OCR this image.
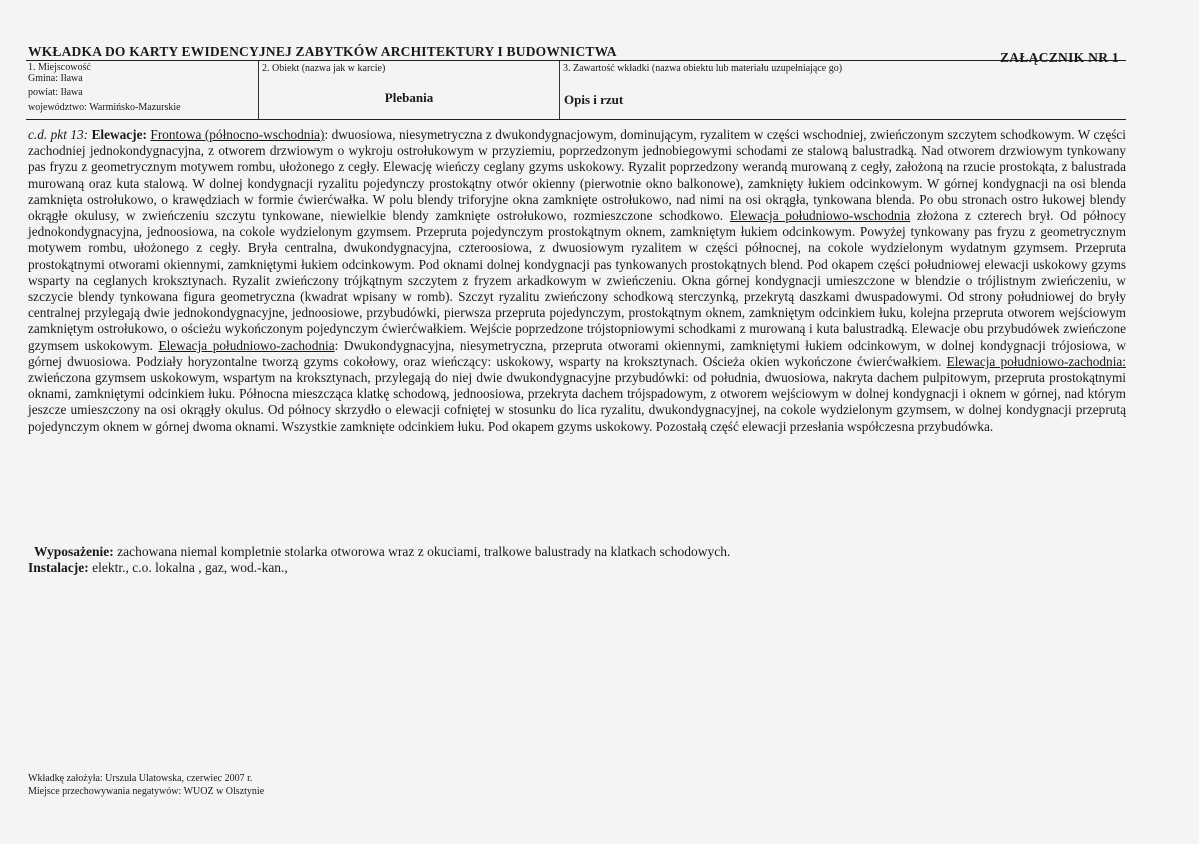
WKŁADKA DO KARTY EWIDENCYJNEJ ZABYTKÓW ARCHITEKTURY I BUDOWNICTWA	ZAŁĄCZNIK NR 1
1. Miejscowość
Gmina: Iława
powiat: Iława
województwo: Warmińsko-Mazurskie
2. Obiekt (nazwa jak w karcie)
Plebania
3. Zawartość wkładki (nazwa obiektu lub materiału uzupełniające go)
Opis i rzut

c.d. pkt 13: Elewacje: Frontowa (północno-wschodnia): dwuosiowa, niesymetryczna z dwukondygnacjowym, dominującym, ryzalitem w części wschodniej, zwieńczonym szczytem schodkowym. W części zachodniej jednokondygnacyjna, z otworem drzwiowym o wykroju ostrołukowym w przyziemiu, poprzedzonym jednobiegowymi schodami ze stalową balustradką. Nad otworem drzwiowym tynkowany pas fryzu z geometrycznym motywem rombu, ułożonego z cegły. Elewację wieńczy ceglany gzyms uskokowy. Ryzalit poprzedzony werandą murowaną z cegły, założoną na rzucie prostokąta, z balustrada murowaną oraz kuta stalową. W dolnej kondygnacji ryzalitu pojedynczy prostokątny otwór okienny (pierwotnie okno balkonowe), zamknięty łukiem odcinkowym. W górnej kondygnacji na osi blenda zamknięta ostrołukowo, o krawędziach w formie ćwierćwałka. W polu blendy triforyjne okna zamknięte ostrołukowo, nad nimi na osi okrągła, tynkowana blenda. Po obu stronach ostro łukowej blendy okrągłe okulusy, w zwieńczeniu szczytu tynkowane, niewielkie blendy zamknięte ostrołukowo, rozmieszczone schodkowo. Elewacja południowo-wschodnia złożona z czterech brył. Od północy jednokondygnacyjna, jednoosiowa, na cokole wydzielonym gzymsem. Przepruta pojedynczym prostokątnym oknem, zamkniętym łukiem odcinkowym. Powyżej tynkowany pas fryzu z geometrycznym motywem rombu, ułożonego z cegły. Bryła centralna, dwukondygnacyjna, czteroosiowa, z dwuosiowym ryzalitem w części północnej, na cokole wydzielonym wydatnym gzymsem. Przepruta prostokątnymi otworami okiennymi, zamkniętymi łukiem odcinkowym. Pod oknami dolnej kondygnacji pas tynkowanych prostokątnych blend. Pod okapem części południowej elewacji uskokowy gzyms wsparty na ceglanych kroksztynach. Ryzalit zwieńczony trójkątnym szczytem z fryzem arkadkowym w zwieńczeniu. Okna górnej kondygnacji umieszczone w blendzie o trójlistnym zwieńczeniu, w szczycie blendy tynkowana figura geometryczna (kwadrat wpisany w romb). Szczyt ryzalitu zwieńczony schodkową sterczynką, przekrytą daszkami dwuspadowymi. Od strony południowej do bryły centralnej przylegają dwie jednokondygnacyjne, jednoosiowe, przybudówki, pierwsza przepruta pojedynczym, prostokątnym oknem, zamkniętym odcinkiem łuku, kolejna przepruta otworem wejściowym zamkniętym ostrołukowo, o ościeżu wykończonym pojedynczym ćwierćwałkiem. Wejście poprzedzone trójstopniowymi schodkami z murowaną i kuta balustradką. Elewacje obu przybudówek zwieńczone gzymsem uskokowym. Elewacja południowo-zachodnia: Dwukondygnacyjna, niesymetryczna, przepruta otworami okiennymi, zamkniętymi łukiem odcinkowym, w dolnej kondygnacji trójosiowa, w górnej dwuosiowa. Podziały horyzontalne tworzą gzyms cokołowy, oraz wieńczący: uskokowy, wsparty na kroksztynach. Ościeża okien wykończone ćwierćwałkiem. Elewacja południowo-zachodnia: zwieńczona gzymsem uskokowym, wspartym na kroksztynach, przylegają do niej dwie dwukondygnacyjne przybudówki: od południa, dwuosiowa, nakryta dachem pulpitowym, przepruta prostokątnymi oknami, zamkniętymi odcinkiem łuku. Północna mieszcząca klatkę schodową, jednoosiowa, przekryta dachem trójspadowym, z otworem wejściowym w dolnej kondygnacji i oknem w górnej, nad którym jeszcze umieszczony na osi okrągły okulus. Od północy skrzydło o elewacji cofniętej w stosunku do lica ryzalitu, dwukondygnacyjnej, na cokole wydzielonym gzymsem, w dolnej kondygnacji przeprutą pojedynczym oknem w górnej dwoma oknami. Wszystkie zamknięte odcinkiem łuku. Pod okapem gzyms uskokowy. Pozostałą część elewacji przesłania współczesna przybudówka.

Wyposażenie: zachowana niemal kompletnie stolarka otworowa wraz z okuciami, tralkowe balustrady na klatkach schodowych.
Instalacje: elektr., c.o. lokalna , gaz, wod.-kan.,
Wkładkę założyła: Urszula Ulatowska, czerwiec 2007 r.
Miejsce przechowywania negatywów: WUOZ w Olsztynie
